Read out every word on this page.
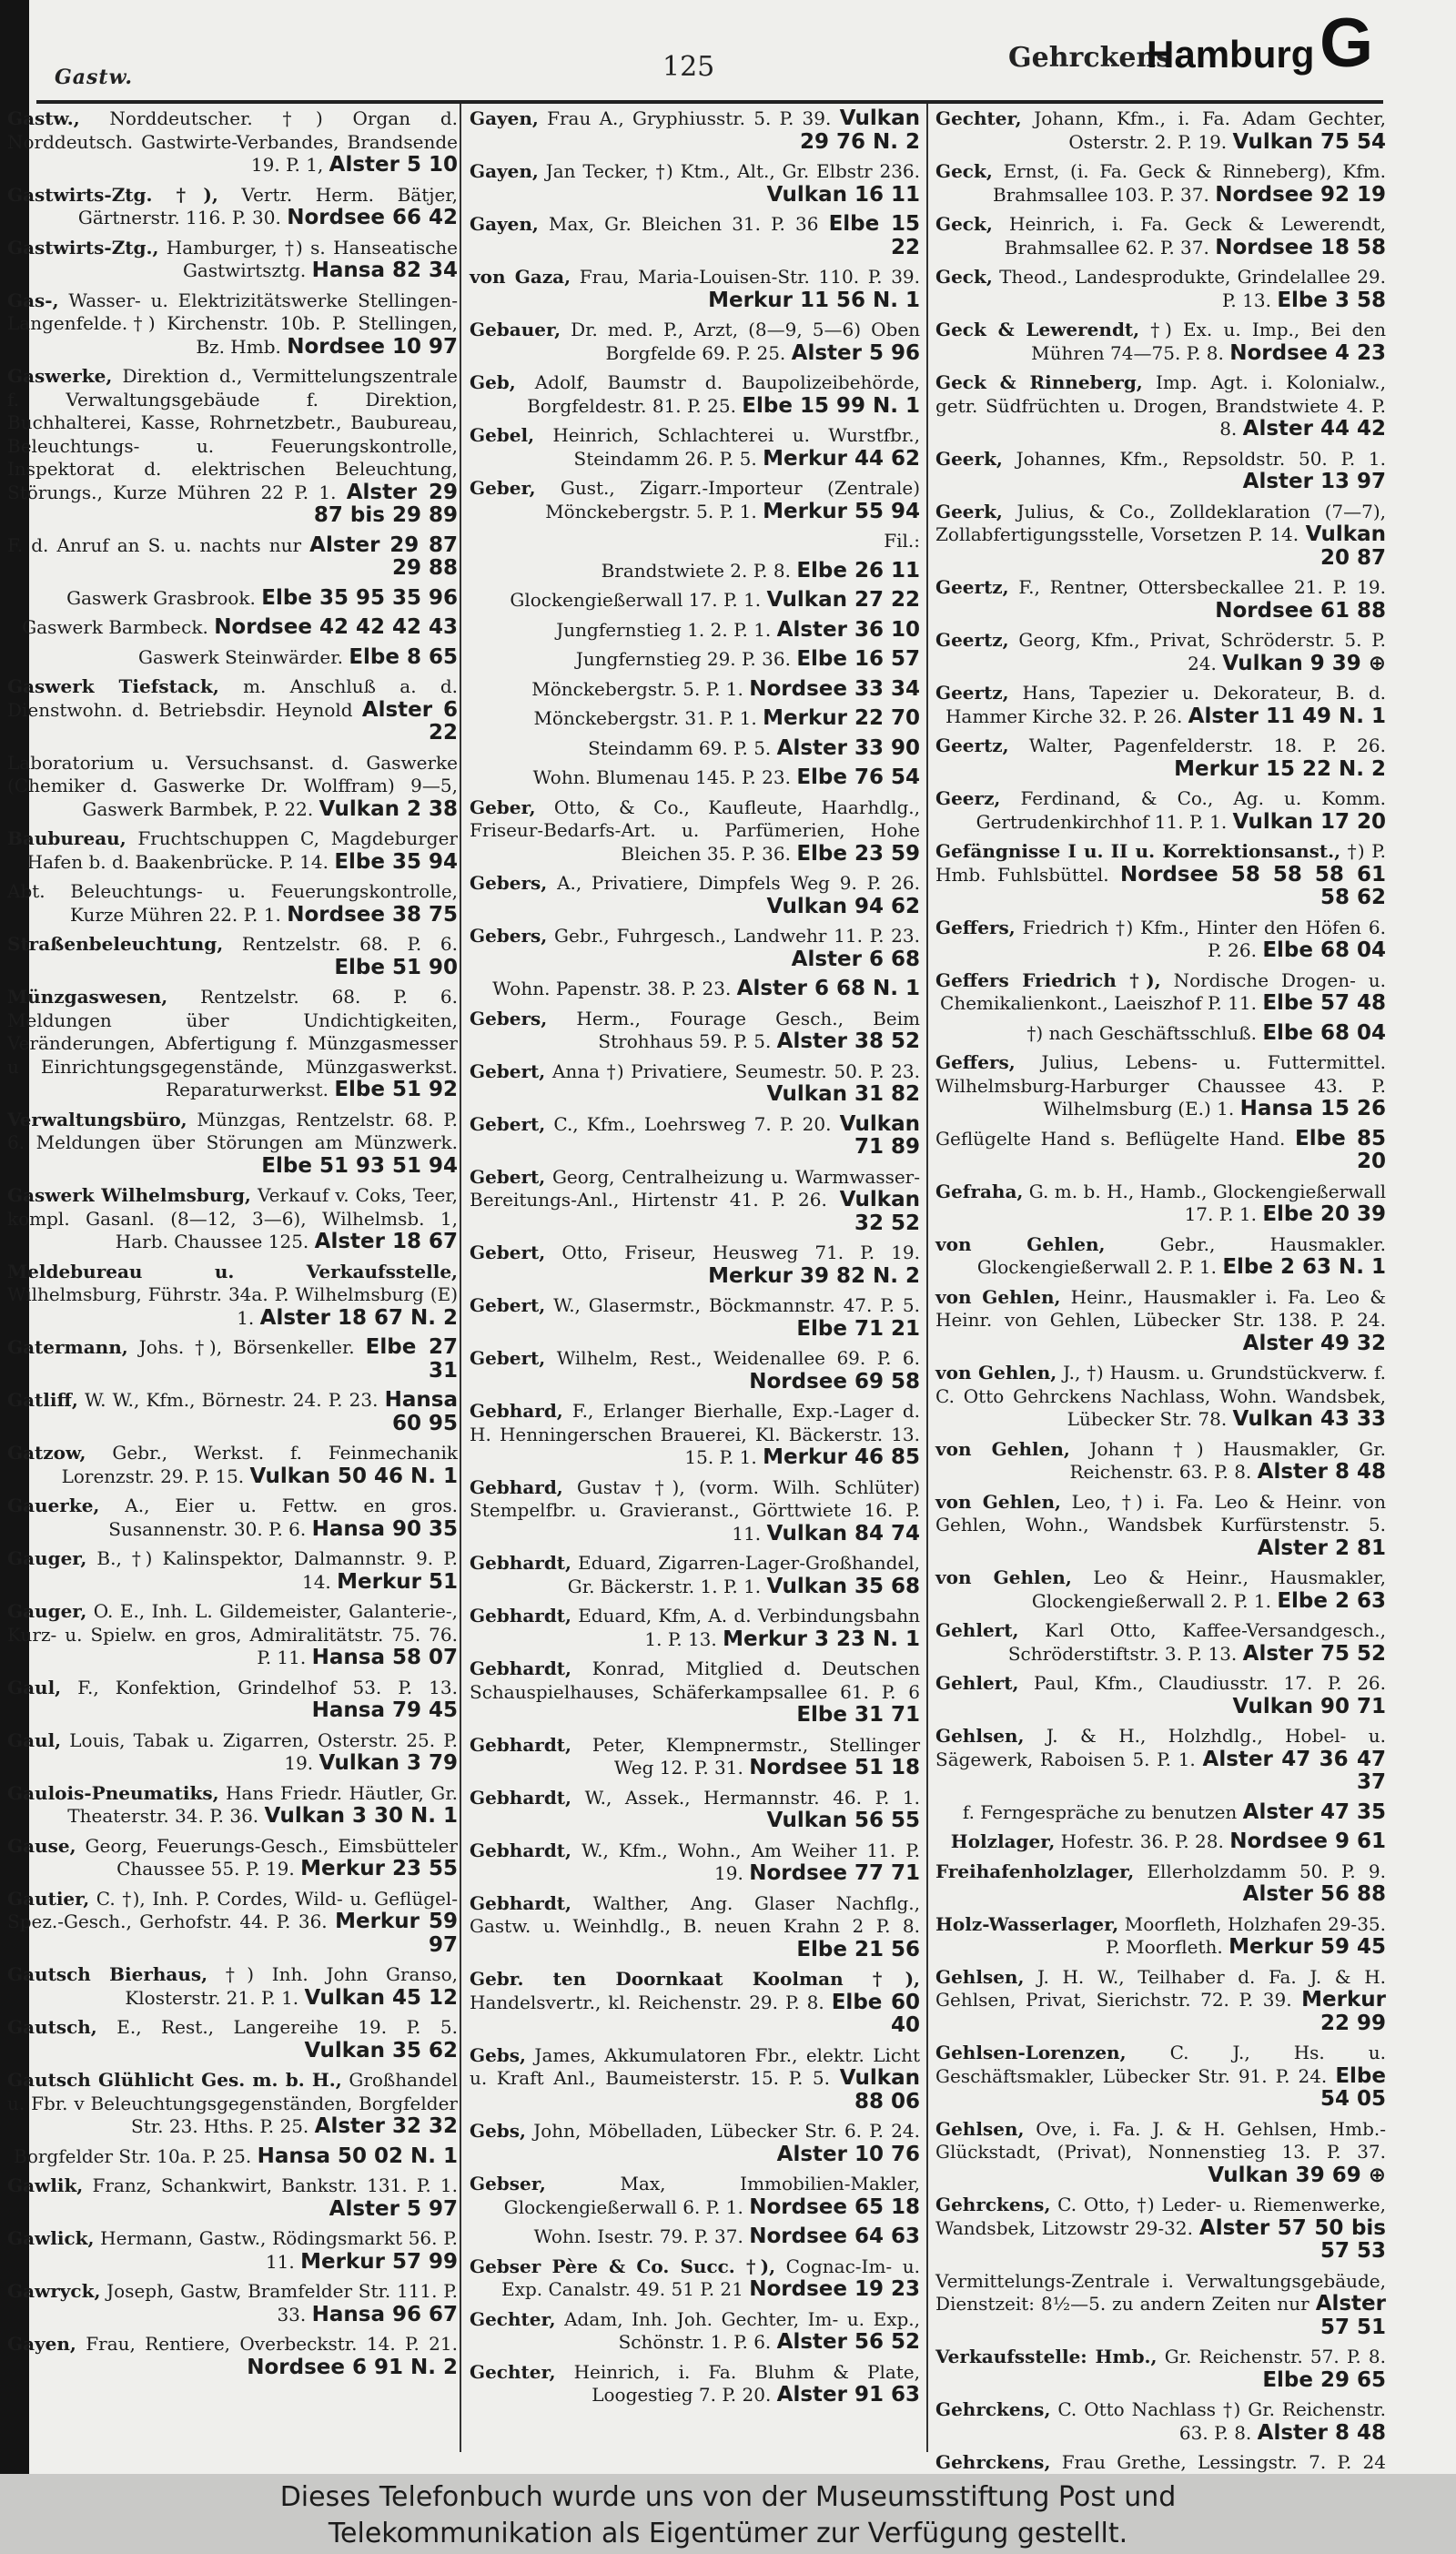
Gastw.	125	Gehrckens
Hamburg G

Gastw., Norddeutscher. †) Organ d. Norddeutsch. Gastwirte-Verbandes, Brandsende 19. P. 1, Alster 5 10

Gastwirts-Ztg. †), Vertr. Herm. Bätjer, Gärtnerstr. 116. P. 30. Nordsee 66 42

Gastwirts-Ztg., Hamburger, †) s. Hanseatische Gastwirtsztg. Hansa 82 34

Gas-, Wasser- u. Elektrizitätswerke Stellingen-Langenfelde.†) Kirchenstr. 10b. P. Stellingen, Bz. Hmb. Nordsee 10 97

Gaswerke, Direktion d., Vermittelungszentrale f. Verwaltungsgebäude f. Direktion, Buchhalterei, Kasse, Rohrnetzbetr., Baubureau, Beleuchtungs- u. Feuerungskontrolle, Inspektorat d. elektrischen Beleuchtung, Störungs., Kurze Mühren 22 P. 1. Alster 29 87 bis 29 89

F. d. Anruf an S. u. nachts nur Alster 29 87 29 88

Gaswerk Grasbrook. Elbe 35 95 35 96

Gaswerk Barmbeck. Nordsee 42 42 42 43

Gaswerk Steinwärder. Elbe 8 65

Gaswerk Tiefstack, m. Anschluß a. d. Dienstwohn. d. Betriebsdir. Heynold Alster 6 22

Laboratorium u. Versuchsanst. d. Gaswerke (Chemiker d. Gaswerke Dr. Wolffram) 9—5, Gaswerk Barmbek, P. 22. Vulkan 2 38

Baubureau, Fruchtschuppen C, Magdeburger Hafen b. d. Baakenbrücke. P. 14. Elbe 35 94

Abt. Beleuchtungs- u. Feuerungskontrolle, Kurze Mühren 22. P. 1. Nordsee 38 75

Straßenbeleuchtung, Rentzelstr. 68. P. 6. Elbe 51 90

Münzgaswesen, Rentzelstr. 68. P. 6. Meldungen über Undichtigkeiten, Veränderungen, Abfertigung f. Münzgasmesser u Einrichtungsgegenstände, Münzgaswerkst. Reparaturwerkst. Elbe 51 92

Verwaltungsbüro, Münzgas, Rentzelstr. 68. P. 6. Meldungen über Störungen am Münzwerk. Elbe 51 93 51 94

Gaswerk Wilhelmsburg, Verkauf v. Coks, Teer, kompl. Gasanl. (8—12, 3—6), Wilhelmsb. 1, Harb. Chaussee 125. Alster 18 67

Meldebureau u. Verkaufsstelle, Wilhelmsburg, Führstr. 34a. P. Wilhelmsburg (E) 1. Alster 18 67 N. 2

Gatermann, Johs. †), Börsenkeller. Elbe 27 31

Gatliff, W. W., Kfm., Börnestr. 24. P. 23. Hansa 60 95

Gatzow, Gebr., Werkst. f. Feinmechanik Lorenzstr. 29. P. 15. Vulkan 50 46 N. 1

Gauerke, A., Eier u. Fettw. en gros. Susannenstr. 30. P. 6. Hansa 90 35

Gauger, B., †) Kalinspektor, Dalmannstr. 9. P. 14. Merkur 51

Gauger, O. E., Inh. L. Gildemeister, Galanterie-, Kurz- u. Spielw. en gros, Admiralitätstr. 75. 76. P. 11. Hansa 58 07

Gaul, F., Konfektion, Grindelhof 53. P. 13. Hansa 79 45

Gaul, Louis, Tabak u. Zigarren, Osterstr. 25. P. 19. Vulkan 3 79

Gaulois-Pneumatiks, Hans Friedr. Häutler, Gr. Theaterstr. 34. P. 36. Vulkan 3 30 N. 1

Gause, Georg, Feuerungs-Gesch., Eimsbütteler Chaussee 55. P. 19. Merkur 23 55

Gautier, C. †), Inh. P. Cordes, Wild- u. Geflügel-Spez.-Gesch., Gerhofstr. 44. P. 36. Merkur 59 97

Gautsch Bierhaus, †) Inh. John Granso, Klosterstr. 21. P. 1. Vulkan 45 12

Gautsch, E., Rest., Langereihe 19. P. 5. Vulkan 35 62

Gautsch Glühlicht Ges. m. b. H., Großhandel u. Fbr. v Beleuchtungsgegenständen, Borgfelder Str. 23. Hths. P. 25. Alster 32 32

Borgfelder Str. 10a. P. 25. Hansa 50 02 N. 1

Gawlik, Franz, Schankwirt, Bankstr. 131. P. 1. Alster 5 97

Gawlick, Hermann, Gastw., Rödingsmarkt 56. P. 11. Merkur 57 99

Gawryck, Joseph, Gastw, Bramfelder Str. 111. P. 33. Hansa 96 67

Gayen, Frau, Rentiere, Overbeckstr. 14. P. 21. Nordsee 6 91 N. 2

Gayen, Frau A., Gryphiusstr. 5. P. 39. Vulkan 29 76 N. 2

Gayen, Jan Tecker, †) Ktm., Alt., Gr. Elbstr 236. Vulkan 16 11

Gayen, Max, Gr. Bleichen 31. P. 36 Elbe 15 22

von Gaza, Frau, Maria-Louisen-Str. 110. P. 39. Merkur 11 56 N. 1

Gebauer, Dr. med. P., Arzt, (8—9, 5—6) Oben Borgfelde 69. P. 25. Alster 5 96

Geb, Adolf, Baumstr d. Baupolizeibehörde, Borgfeldestr. 81. P. 25. Elbe 15 99 N. 1

Gebel, Heinrich, Schlachterei u. Wurstfbr., Steindamm 26. P. 5. Merkur 44 62

Geber, Gust., Zigarr.-Importeur (Zentrale) Mönckebergstr. 5. P. 1. Merkur 55 94

Fil.:

Brandstwiete 2. P. 8. Elbe 26 11

Glockengießerwall 17. P. 1. Vulkan 27 22

Jungfernstieg 1. 2. P. 1. Alster 36 10

Jungfernstieg 29. P. 36. Elbe 16 57

Mönckebergstr. 5. P. 1. Nordsee 33 34

Mönckebergstr. 31. P. 1. Merkur 22 70

Steindamm 69. P. 5. Alster 33 90

Wohn. Blumenau 145. P. 23. Elbe 76 54

Geber, Otto, & Co., Kaufleute, Haarhdlg., Friseur-Bedarfs-Art. u. Parfümerien, Hohe Bleichen 35. P. 36. Elbe 23 59

Gebers, A., Privatiere, Dimpfels Weg 9. P. 26. Vulkan 94 62

Gebers, Gebr., Fuhrgesch., Landwehr 11. P. 23. Alster 6 68

Wohn. Papenstr. 38. P. 23. Alster 6 68 N. 1

Gebers, Herm., Fourage Gesch., Beim Strohhaus 59. P. 5. Alster 38 52

Gebert, Anna †) Privatiere, Seumestr. 50. P. 23. Vulkan 31 82

Gebert, C., Kfm., Loehrsweg 7. P. 20. Vulkan 71 89

Gebert, Georg, Centralheizung u. Warmwasser-Bereitungs-Anl., Hirtenstr 41. P. 26. Vulkan 32 52

Gebert, Otto, Friseur, Heusweg 71. P. 19. Merkur 39 82 N. 2

Gebert, W., Glasermstr., Böckmannstr. 47. P. 5. Elbe 71 21

Gebert, Wilhelm, Rest., Weidenallee 69. P. 6. Nordsee 69 58

Gebhard, F., Erlanger Bierhalle, Exp.-Lager d. H. Henningerschen Brauerei, Kl. Bäckerstr. 13. 15. P. 1. Merkur 46 85

Gebhard, Gustav †), (vorm. Wilh. Schlüter) Stempelfbr. u. Gravieranst., Görttwiete 16. P. 11. Vulkan 84 74

Gebhardt, Eduard, Zigarren-Lager-Großhandel, Gr. Bäckerstr. 1. P. 1. Vulkan 35 68

Gebhardt, Eduard, Kfm, A. d. Verbindungsbahn 1. P. 13. Merkur 3 23 N. 1

Gebhardt, Konrad, Mitglied d. Deutschen Schauspielhauses, Schäferkampsallee 61. P. 6 Elbe 31 71

Gebhardt, Peter, Klempnermstr., Stellinger Weg 12. P. 31. Nordsee 51 18

Gebhardt, W., Assek., Hermannstr. 46. P. 1. Vulkan 56 55

Gebhardt, W., Kfm., Wohn., Am Weiher 11. P. 19. Nordsee 77 71

Gebhardt, Walther, Ang. Glaser Nachflg., Gastw. u. Weinhdlg., B. neuen Krahn 2 P. 8. Elbe 21 56

Gebr. ten Doornkaat Koolman †), Handelsvertr., kl. Reichenstr. 29. P. 8. Elbe 60 40

Gebs, James, Akkumulatoren Fbr., elektr. Licht u. Kraft Anl., Baumeisterstr. 15. P. 5. Vulkan 88 06

Gebs, John, Möbelladen, Lübecker Str. 6. P. 24. Alster 10 76

Gebser, Max, Immobilien-Makler, Glockengießerwall 6. P. 1. Nordsee 65 18

Wohn. Isestr. 79. P. 37. Nordsee 64 63

Gebser Père & Co. Succ. †), Cognac-Im- u. Exp. Canalstr. 49. 51 P. 21 Nordsee 19 23

Gechter, Adam, Inh. Joh. Gechter, Im- u. Exp., Schönstr. 1. P. 6. Alster 56 52

Gechter, Heinrich, i. Fa. Bluhm & Plate, Loogestieg 7. P. 20. Alster 91 63

Gechter, Johann, Kfm., i. Fa. Adam Gechter, Osterstr. 2. P. 19. Vulkan 75 54

Geck, Ernst, (i. Fa. Geck & Rinneberg), Kfm. Brahmsallee 103. P. 37. Nordsee 92 19

Geck, Heinrich, i. Fa. Geck & Lewerendt, Brahmsallee 62. P. 37. Nordsee 18 58

Geck, Theod., Landesprodukte, Grindelallee 29. P. 13. Elbe 3 58

Geck & Lewerendt, †) Ex. u. Imp., Bei den Mühren 74—75. P. 8. Nordsee 4 23

Geck & Rinneberg, Imp. Agt. i. Kolonialw., getr. Südfrüchten u. Drogen, Brandstwiete 4. P. 8. Alster 44 42

Geerk, Johannes, Kfm., Repsoldstr. 50. P. 1. Alster 13 97

Geerk, Julius, & Co., Zolldeklaration (7—7), Zollabfertigungsstelle, Vorsetzen P. 14. Vulkan 20 87

Geertz, F., Rentner, Ottersbeckallee 21. P. 19. Nordsee 61 88

Geertz, Georg, Kfm., Privat, Schröderstr. 5. P. 24. Vulkan 9 39 ⊕

Geertz, Hans, Tapezier u. Dekorateur, B. d. Hammer Kirche 32. P. 26. Alster 11 49 N. 1

Geertz, Walter, Pagenfelderstr. 18. P. 26. Merkur 15 22 N. 2

Geerz, Ferdinand, & Co., Ag. u. Komm. Gertrudenkirchhof 11. P. 1. Vulkan 17 20

Gefängnisse I u. II u. Korrektionsanst., †) P. Hmb. Fuhlsbüttel. Nordsee 58 58 58 61 58 62

Geffers, Friedrich †) Kfm., Hinter den Höfen 6. P. 26. Elbe 68 04

Geffers Friedrich †), Nordische Drogen- u. Chemikalienkont., Laeiszhof P. 11. Elbe 57 48

†) nach Geschäftsschluß. Elbe 68 04

Geffers, Julius, Lebens- u. Futtermittel. Wilhelmsburg-Harburger Chaussee 43. P. Wilhelmsburg (E.) 1. Hansa 15 26

Geflügelte Hand s. Beflügelte Hand. Elbe 85 20

Gefraha, G. m. b. H., Hamb., Glockengießerwall 17. P. 1. Elbe 20 39

von Gehlen, Gebr., Hausmakler. Glockengießerwall 2. P. 1. Elbe 2 63 N. 1

von Gehlen, Heinr., Hausmakler i. Fa. Leo & Heinr. von Gehlen, Lübecker Str. 138. P. 24. Alster 49 32

von Gehlen, J., †) Hausm. u. Grundstückverw. f. C. Otto Gehrckens Nachlass, Wohn. Wandsbek, Lübecker Str. 78. Vulkan 43 33

von Gehlen, Johann †) Hausmakler, Gr. Reichenstr. 63. P. 8. Alster 8 48

von Gehlen, Leo, †) i. Fa. Leo & Heinr. von Gehlen, Wohn., Wandsbek Kurfürstenstr. 5. Alster 2 81

von Gehlen, Leo & Heinr., Hausmakler, Glockengießerwall 2. P. 1. Elbe 2 63

Gehlert, Karl Otto, Kaffee-Versandgesch., Schröderstiftstr. 3. P. 13. Alster 75 52

Gehlert, Paul, Kfm., Claudiusstr. 17. P. 26. Vulkan 90 71

Gehlsen, J. & H., Holzhdlg., Hobel- u. Sägewerk, Raboisen 5. P. 1. Alster 47 36 47 37

f. Ferngespräche zu benutzen Alster 47 35

Holzlager, Hofestr. 36. P. 28. Nordsee 9 61

Freihafenholzlager, Ellerholzdamm 50. P. 9. Alster 56 88

Holz-Wasserlager, Moorfleth, Holzhafen 29-35. P. Moorfleth. Merkur 59 45

Gehlsen, J. H. W., Teilhaber d. Fa. J. & H. Gehlsen, Privat, Sierichstr. 72. P. 39. Merkur 22 99

Gehlsen-Lorenzen, C. J., Hs. u. Geschäftsmakler, Lübecker Str. 91. P. 24. Elbe 54 05

Gehlsen, Ove, i. Fa. J. & H. Gehlsen, Hmb.-Glückstadt, (Privat), Nonnenstieg 13. P. 37. Vulkan 39 69 ⊕

Gehrckens, C. Otto, †) Leder- u. Riemenwerke, Wandsbek, Litzowstr 29-32. Alster 57 50 bis 57 53

Vermittelungs-Zentrale i. Verwaltungsgebäude, Dienstzeit: 8½—5. zu andern Zeiten nur Alster 57 51

Verkaufsstelle: Hmb., Gr. Reichenstr. 57. P. 8. Elbe 29 65

Gehrckens, C. Otto Nachlass †) Gr. Reichenstr. 63. P. 8. Alster 8 48

Gehrckens, Frau Grethe, Lessingstr. 7. P. 24

Dieses Telefonbuch wurde uns von der Museumsstiftung Post und
Telekommunikation als Eigentümer zur Verfügung gestellt.
